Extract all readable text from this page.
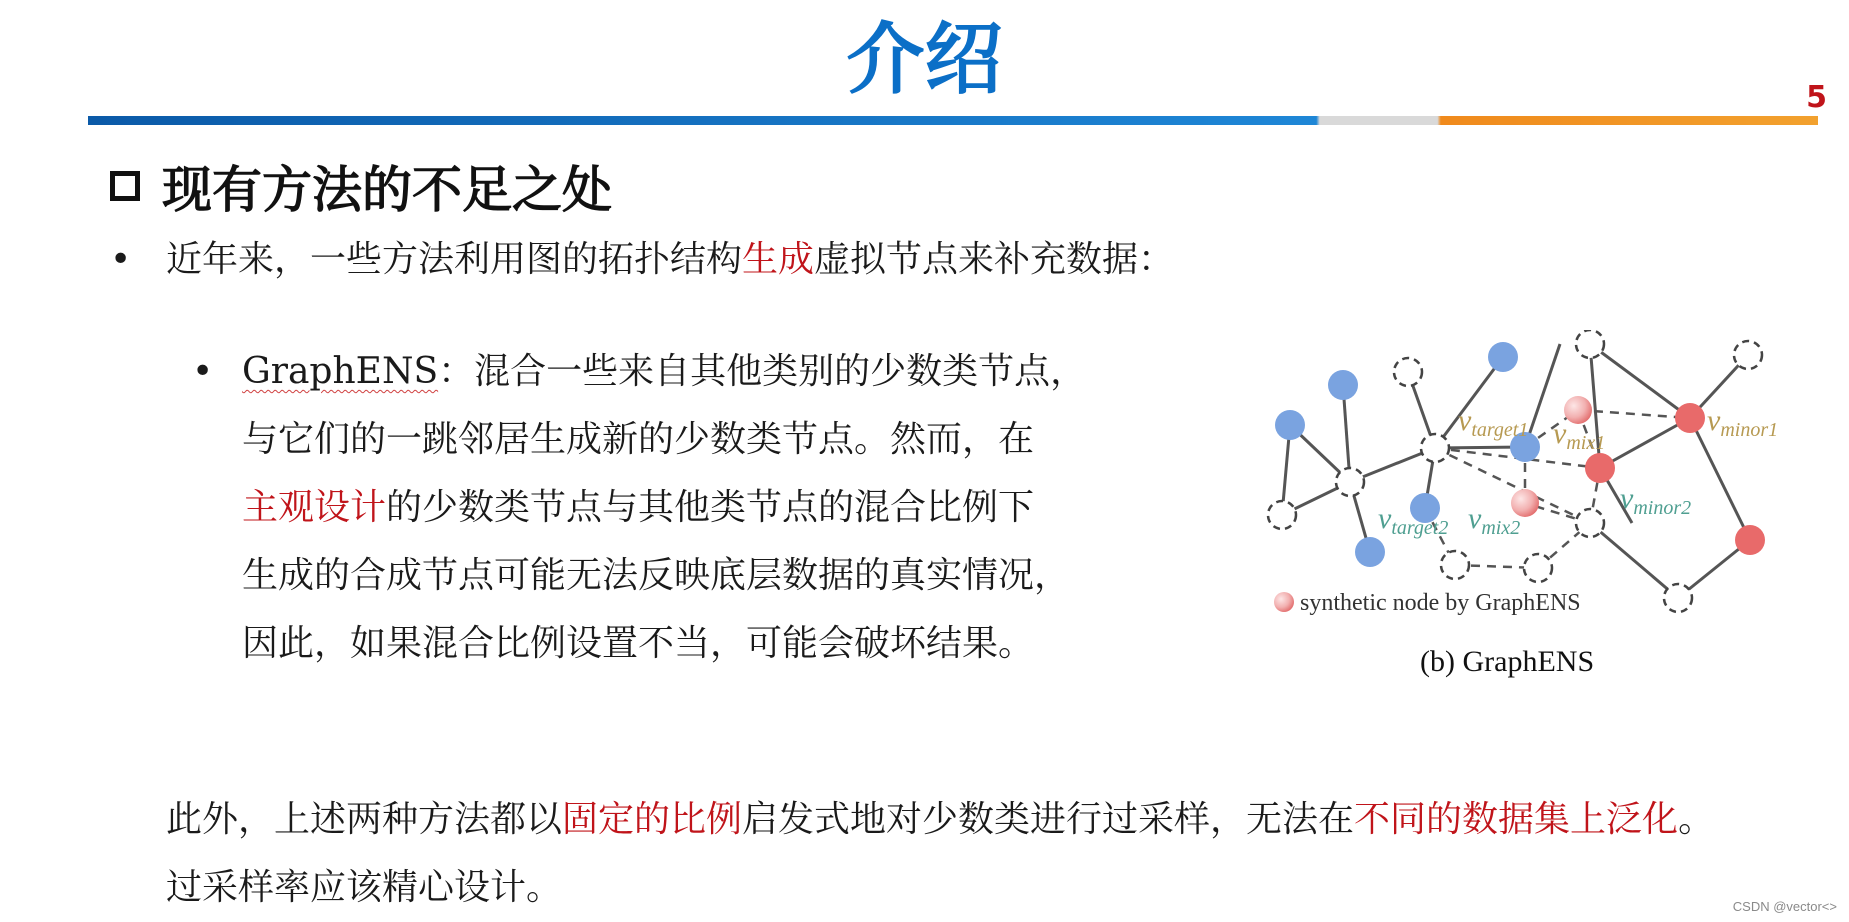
介绍	5
现有方法的不足之处
• 近年来，一些方法利用图的拓扑结构生成虚拟节点来补充数据：
• GraphENS：混合一些来自其他类别的少数类节点，
与它们的一跳邻居生成新的少数类节点。然而，在
主观设计的少数类节点与其他类节点的混合比例下
生成的合成节点可能无法反映底层数据的真实情况，
因此，如果混合比例设置不当，可能会破坏结果。
$v_{target1}$ $v_{mix1}$
$v_{minor1}$
$v_{minor2}$
$v_{target2}$ $v_{mix2}$
synthetic node by GraphENS
(b) GraphENS
此外，上述两种方法都以固定的比例启发式地对少数类进行过采样，无法在不同的数据集上泛化。
过采样率应该精心设计。	CSDN @vector<>
